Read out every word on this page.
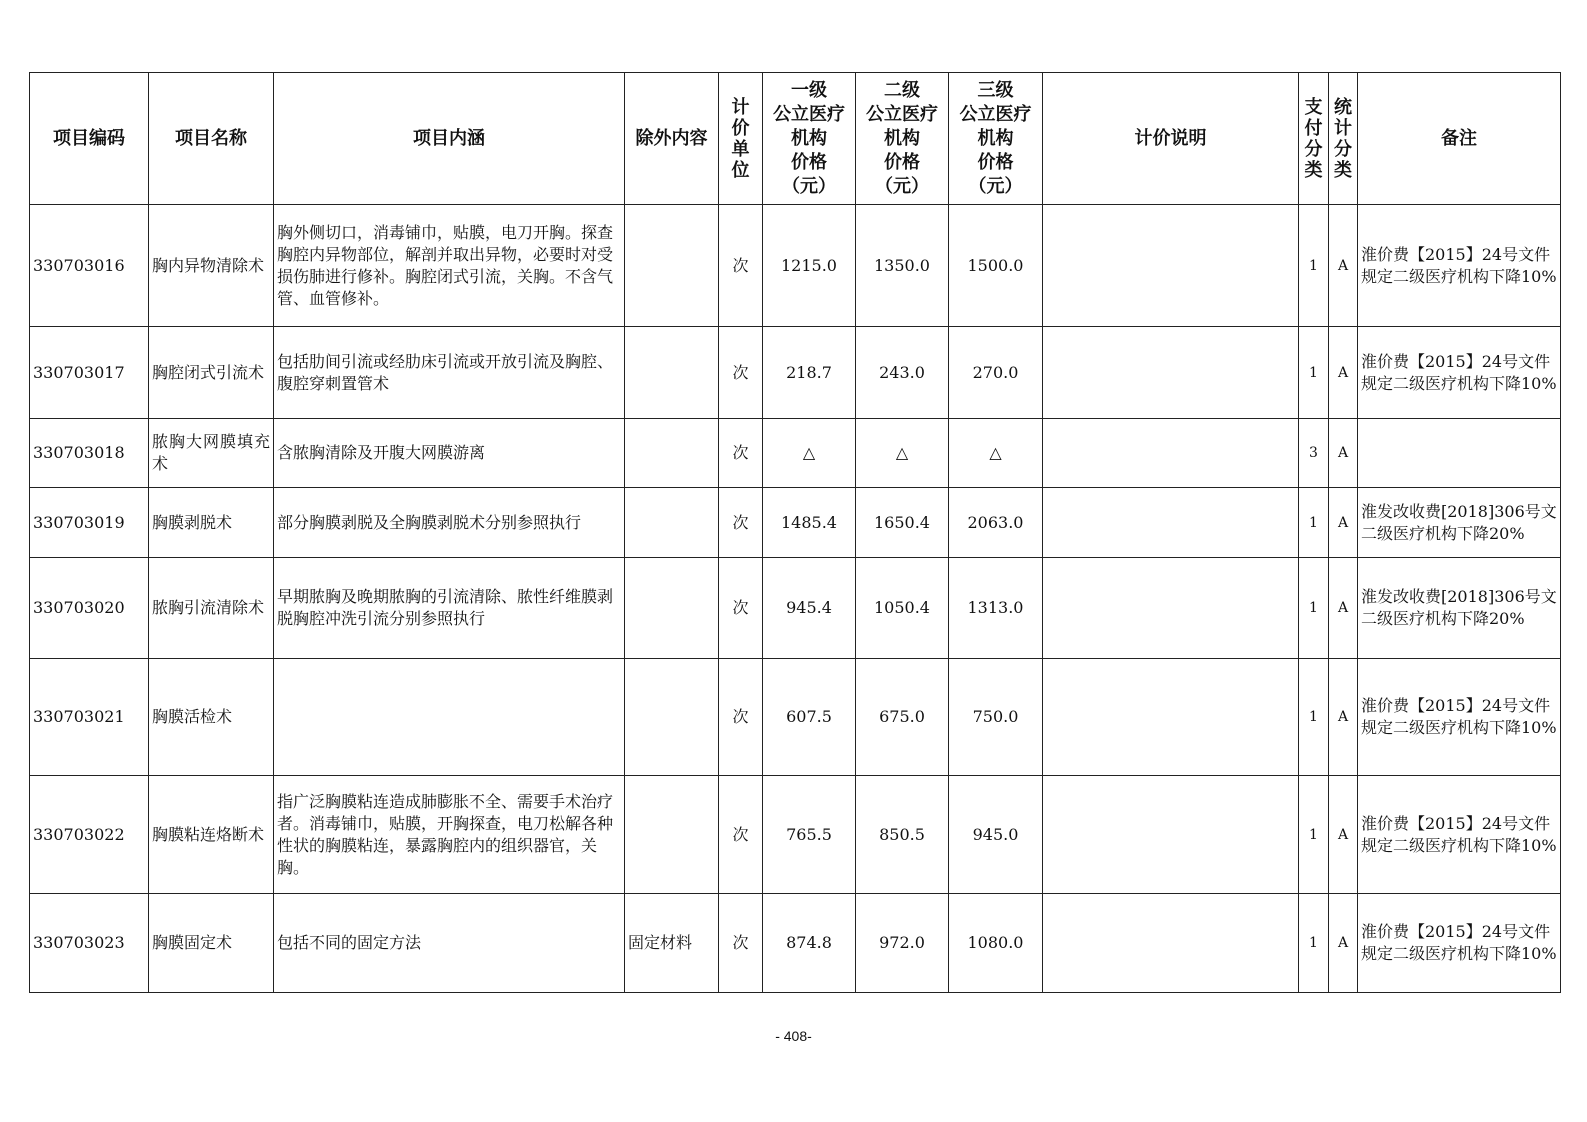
项目编码	项目名称	项目内涵	除外内容	计
价
单
位	一级
公立医疗
机构
价格
（元）	二级
公立医疗
机构
价格
（元）	三级
公立医疗
机构
价格
（元）	计价说明	支
付
分
类	统
计
分
类	备注
330703016	胸内异物清除术	胸外侧切口，消毒铺巾，贴膜，电刀开胸。探查胸腔内异物部位，解剖并取出异物，必要时对受损伤肺进行修补。胸腔闭式引流，关胸。不含气管、血管修补。		次	1215.0	1350.0	1500.0		1	A	淮价费【2015】24号文件规定二级医疗机构下降10%
330703017	胸腔闭式引流术	包括肋间引流或经肋床引流或开放引流及胸腔、腹腔穿刺置管术		次	218.7	243.0	270.0		1	A	淮价费【2015】24号文件规定二级医疗机构下降10%
330703018	脓胸大网膜填充术	含脓胸清除及开腹大网膜游离		次	△	△	△		3	A	
330703019	胸膜剥脱术	部分胸膜剥脱及全胸膜剥脱术分别参照执行		次	1485.4	1650.4	2063.0		1	A	淮发改收费[2018]306号文二级医疗机构下降20%
330703020	脓胸引流清除术	早期脓胸及晚期脓胸的引流清除、脓性纤维膜剥脱胸腔冲洗引流分别参照执行		次	945.4	1050.4	1313.0		1	A	淮发改收费[2018]306号文二级医疗机构下降20%
330703021	胸膜活检术			次	607.5	675.0	750.0		1	A	淮价费【2015】24号文件规定二级医疗机构下降10%
330703022	胸膜粘连烙断术	指广泛胸膜粘连造成肺膨胀不全、需要手术治疗者。消毒铺巾，贴膜，开胸探查，电刀松解各种性状的胸膜粘连，暴露胸腔内的组织器官，关胸。		次	765.5	850.5	945.0		1	A	淮价费【2015】24号文件规定二级医疗机构下降10%
330703023	胸膜固定术	包括不同的固定方法	固定材料	次	874.8	972.0	1080.0		1	A	淮价费【2015】24号文件规定二级医疗机构下降10%
- 408-
